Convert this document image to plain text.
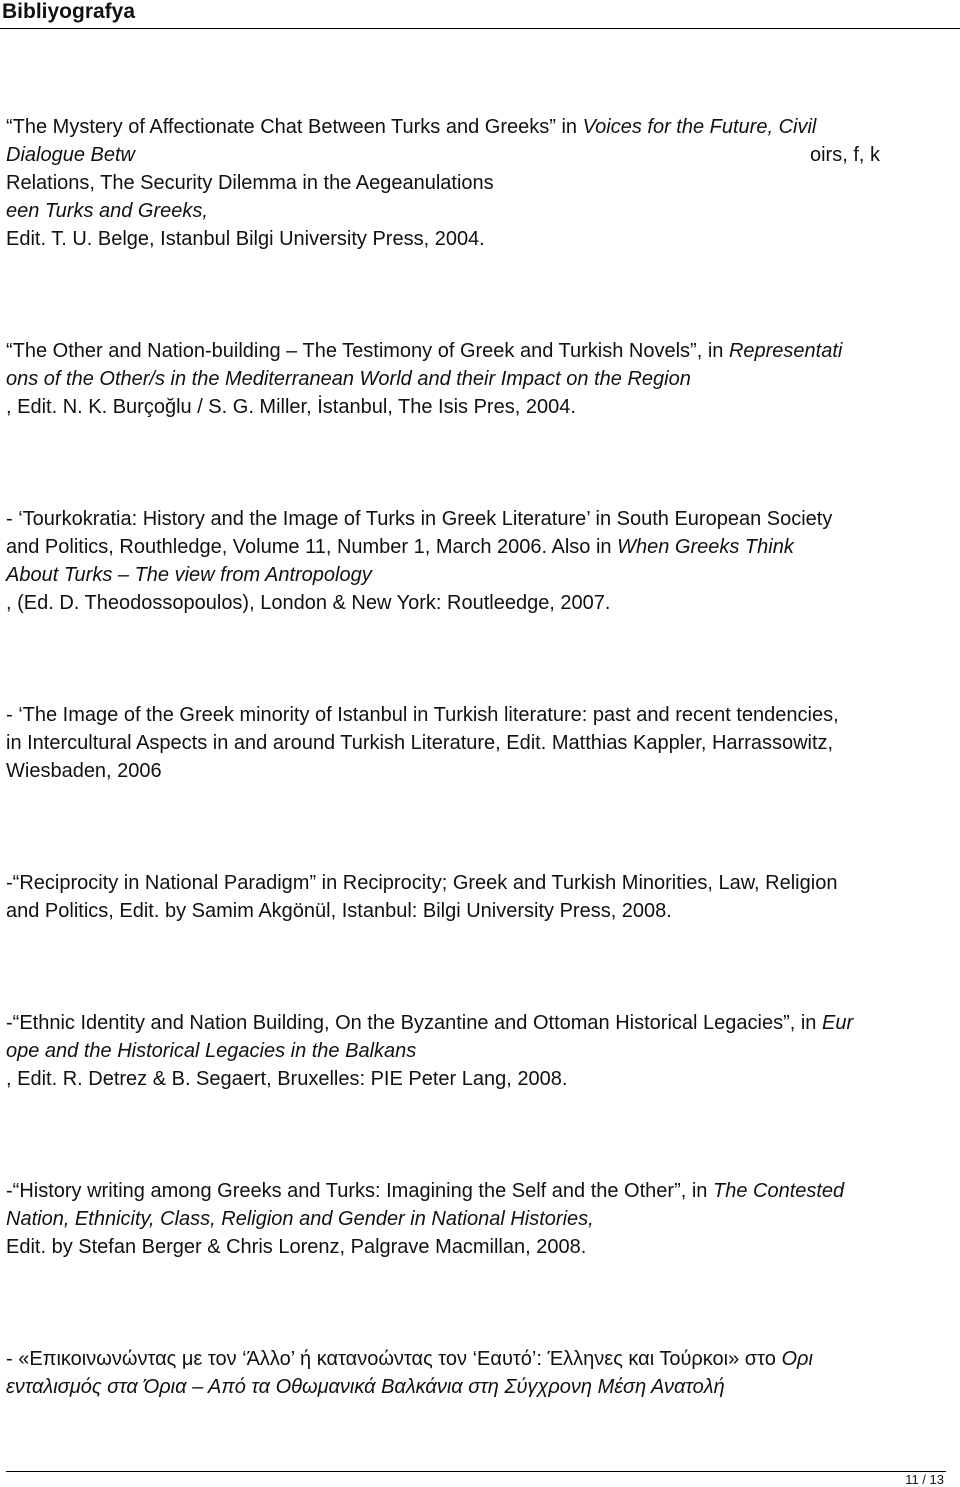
Bibliyografya
“The Mystery of Affectionate Chat Between Turks and Greeks” in Voices for the Future, Civil
Dialogue Betw	oirs, f, k
Relations, The Security Dilemma in the Aegeanulations
een Turks and Greeks,
Edit. T. U. Belge, Istanbul Bilgi University Press, 2004.
“The Other and Nation-building – The Testimony of Greek and Turkish Novels”, in Representati
ons of the Other/s in the Mediterranean World and their Impact on the Region
, Edit. N. K. Burçoğlu / S. G. Miller, İstanbul, The Isis Pres, 2004.
- ‘Tourkokratia: History and the Image of Turks in Greek Literature’ in South European Society
and Politics, Routhledge, Volume 11, Number 1, March 2006. Also in When Greeks Think
About Turks – The view from Antropology
, (Ed. D. Theodossopoulos), London & New York: Routleedge, 2007.
- ‘The Image of the Greek minority of Istanbul in Turkish literature: past and recent tendencies,
in Intercultural Aspects in and around Turkish Literature, Edit. Matthias Kappler, Harrassowitz,
Wiesbaden, 2006
-“Reciprocity in National Paradigm” in Reciprocity; Greek and Turkish Minorities, Law, Religion
and Politics, Edit. by Samim Akgönül, Istanbul: Bilgi University Press, 2008.
-“Ethnic Identity and Nation Building, On the Byzantine and Ottoman Historical Legacies”, in Eur
ope and the Historical Legacies in the Balkans
, Edit. R. Detrez & B. Segaert, Bruxelles: PIE Peter Lang, 2008.
-“History writing among Greeks and Turks: Imagining the Self and the Other”, in The Contested
Nation, Ethnicity, Class, Religion and Gender in National Histories,
Edit. by Stefan Berger & Chris Lorenz, Palgrave Macmillan, 2008.
- «Επικοινωνώντας με τον ‘Άλλο’ ή κατανοώντας τον ‘Εαυτό’: Έλληνες και Τούρκοι» στο Ορι
ενταλισμός στα Όρια – Από τα Οθωμανικά Βαλκάνια στη Σύγχρονη Μέση Ανατολή
11 / 13
